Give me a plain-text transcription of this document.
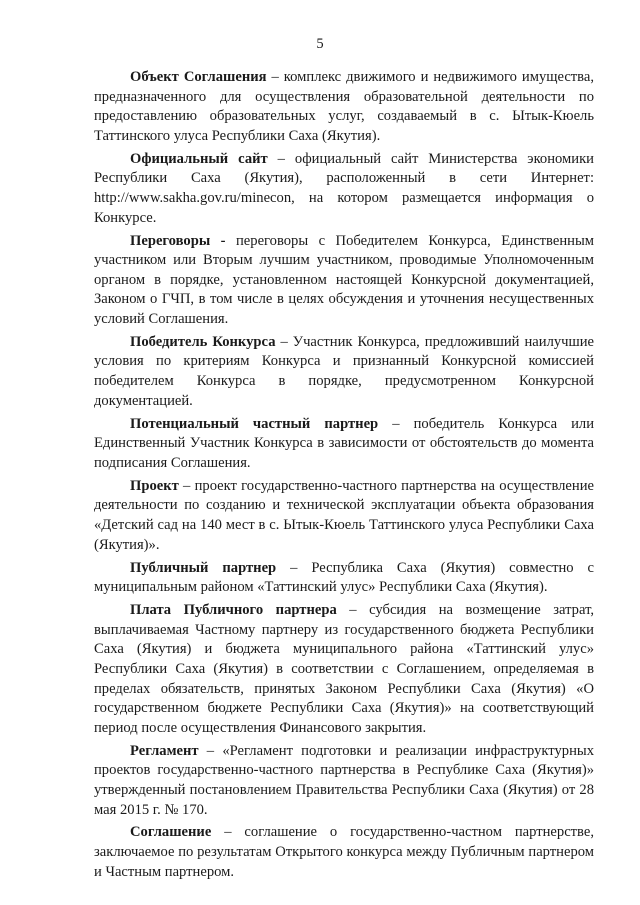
5

Объект Соглашения – комплекс движимого и недвижимого имущества, предназначенного для осуществления образовательной деятельности по предоставлению образовательных услуг, создаваемый в с. Ытык-Кюель Таттинского улуса Республики Саха (Якутия).

Официальный сайт – официальный сайт Министерства экономики Республики Саха (Якутия), расположенный в сети Интернет: http://www.sakha.gov.ru/minecon, на котором размещается информация о Конкурсе.

Переговоры - переговоры с Победителем Конкурса, Единственным участником или Вторым лучшим участником, проводимые Уполномоченным органом в порядке, установленном настоящей Конкурсной документацией, Законом о ГЧП, в том числе в целях обсуждения и уточнения несущественных условий Соглашения.

Победитель Конкурса – Участник Конкурса, предложивший наилучшие условия по критериям Конкурса и признанный Конкурсной комиссией победителем Конкурса в порядке, предусмотренном Конкурсной документацией.

Потенциальный частный партнер – победитель Конкурса или Единственный Участник Конкурса в зависимости от обстоятельств до момента подписания Соглашения.

Проект – проект государственно-частного партнерства на осуществление деятельности по созданию и технической эксплуатации объекта образования «Детский сад на 140 мест в с. Ытык-Кюель Таттинского улуса Республики Саха (Якутия)».

Публичный партнер – Республика Саха (Якутия) совместно с муниципальным районом «Таттинский улус» Республики Саха (Якутия).

Плата Публичного партнера – субсидия на возмещение затрат, выплачиваемая Частному партнеру из государственного бюджета Республики Саха (Якутия) и бюджета муниципального района «Таттинский улус» Республики Саха (Якутия) в соответствии с Соглашением, определяемая в пределах обязательств, принятых Законом Республики Саха (Якутия) «О государственном бюджете Республики Саха (Якутия)» на соответствующий период после осуществления Финансового закрытия.

Регламент – «Регламент подготовки и реализации инфраструктурных проектов государственно-частного партнерства в Республике Саха (Якутия)» утвержденный постановлением Правительства Республики Саха (Якутия) от 28 мая 2015 г. № 170.

Соглашение – соглашение о государственно-частном партнерстве, заключаемое по результатам Открытого конкурса между Публичным партнером и Частным партнером.
